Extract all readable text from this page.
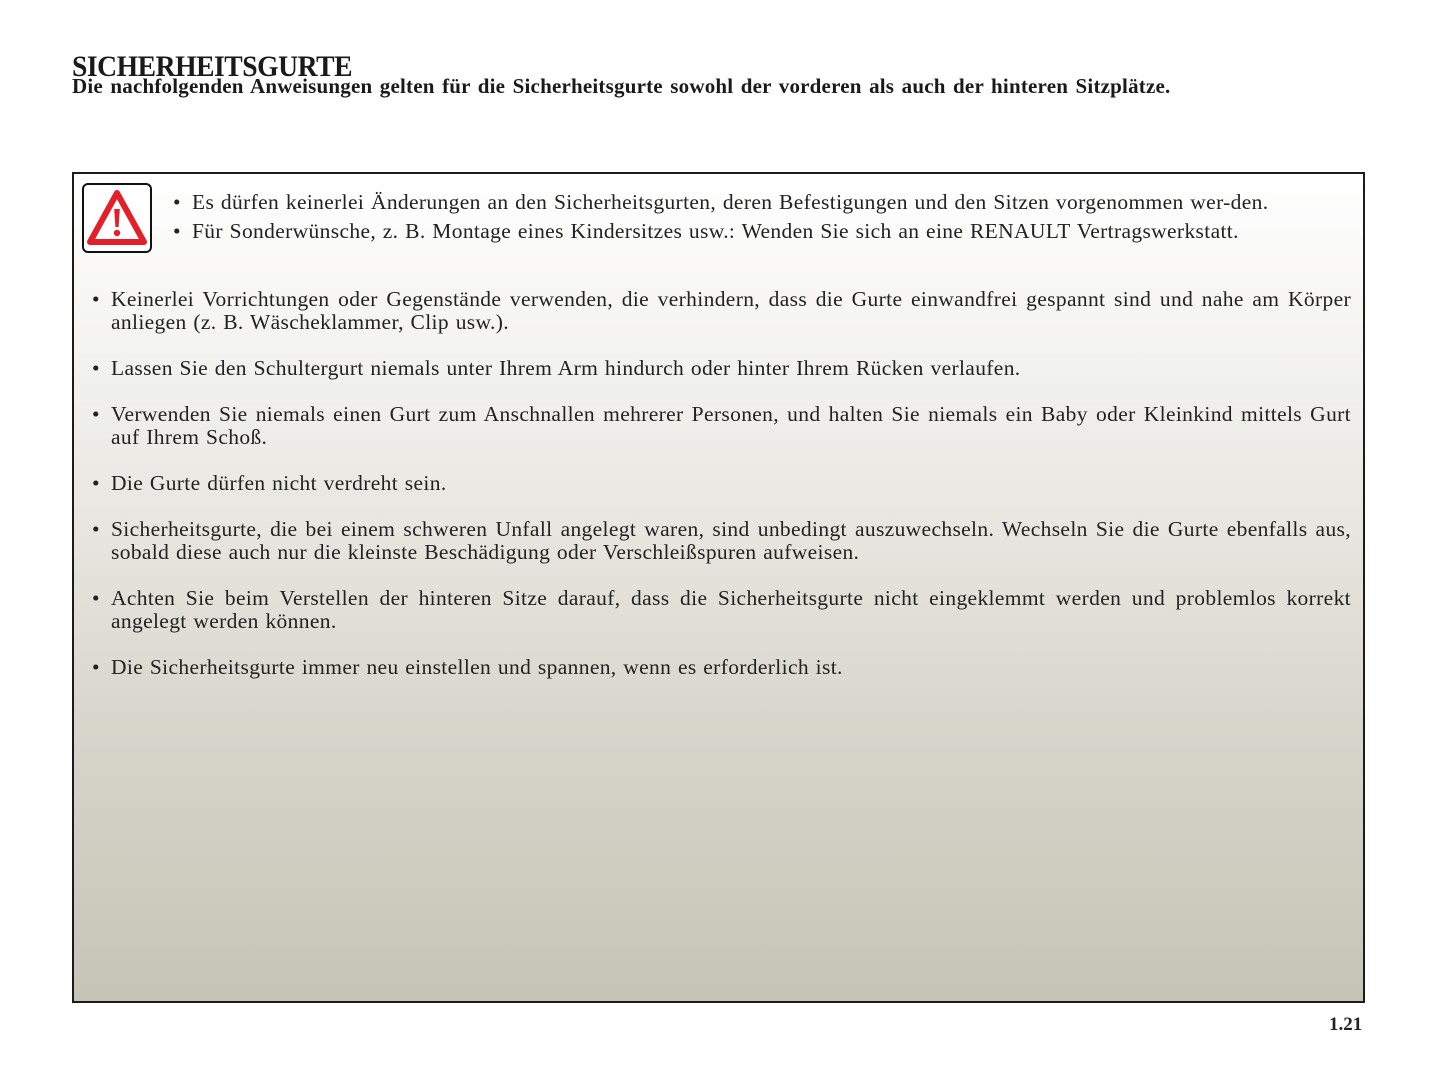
SICHERHEITSGURTE
Die nachfolgenden Anweisungen gelten für die Sicherheitsgurte sowohl der vorderen als auch der hinteren Sitzplätze.
• Es dürfen keinerlei Änderungen an den Sicherheitsgurten, deren Befestigungen und den Sitzen vorgenommen wer-den.
• Für Sonderwünsche, z. B. Montage eines Kindersitzes usw.: Wenden Sie sich an eine RENAULT Vertragswerkstatt.
• Keinerlei Vorrichtungen oder Gegenstände verwenden, die verhindern, dass die Gurte einwandfrei gespannt sind und nahe am Körper anliegen (z. B. Wäscheklammer, Clip usw.).
• Lassen Sie den Schultergurt niemals unter Ihrem Arm hindurch oder hinter Ihrem Rücken verlaufen.
• Verwenden Sie niemals einen Gurt zum Anschnallen mehrerer Personen, und halten Sie niemals ein Baby oder Kleinkind mittels Gurt auf Ihrem Schoß.
• Die Gurte dürfen nicht verdreht sein.
• Sicherheitsgurte, die bei einem schweren Unfall angelegt waren, sind unbedingt auszuwechseln. Wechseln Sie die Gurte ebenfalls aus, sobald diese auch nur die kleinste Beschädigung oder Verschleißspuren aufweisen.
• Achten Sie beim Verstellen der hinteren Sitze darauf, dass die Sicherheitsgurte nicht eingeklemmt werden und problemlos korrekt angelegt werden können.
• Die Sicherheitsgurte immer neu einstellen und spannen, wenn es erforderlich ist.
1.21
